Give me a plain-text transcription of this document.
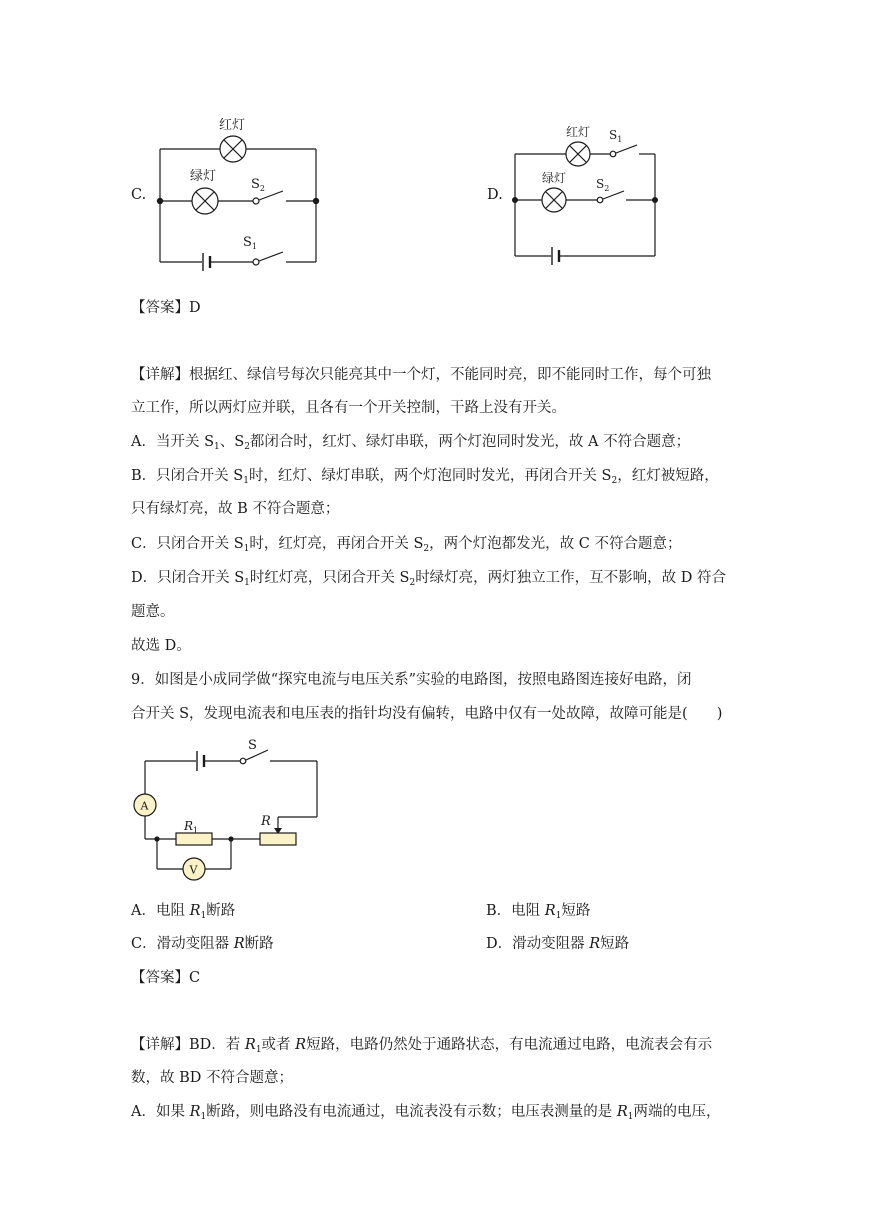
C.
红灯
绿灯
$S_2$
$S_1$
D.
红灯 $S_1$
绿灯 $S_2$
【答案】D
【详解】根据红、绿信号每次只能亮其中一个灯，不能同时亮，即不能同时工作，每个可独
立工作，所以两灯应并联，且各有一个开关控制，干路上没有开关。
A．当开关 $S_1$、$S_2$都闭合时，红灯、绿灯串联，两个灯泡同时发光，故 A 不符合题意；
B．只闭合开关 $S_1$时，红灯、绿灯串联，两个灯泡同时发光，再闭合开关 $S_2$，红灯被短路，
只有绿灯亮，故 B 不符合题意；
C．只闭合开关 $S_1$时，红灯亮，再闭合开关 $S_2$，两个灯泡都发光，故 C 不符合题意；
D．只闭合开关 $S_1$时红灯亮，只闭合开关 $S_2$时绿灯亮，两灯独立工作，互不影响，故 D 符合
题意。
故选 D。
9．如图是小成同学做“探究电流与电压关系”实验的电路图，按照电路图连接好电路，闭
合开关 S，发现电流表和电压表的指针均没有偏转，电路中仅有一处故障，故障可能是(　　)
S
R
A
$R_1$
V
A．电阻 $R_1$断路	B．电阻 $R_1$短路
C．滑动变阻器 R断路	D．滑动变阻器 R短路
【答案】C
【详解】BD．若 $R_1$或者 R短路，电路仍然处于通路状态，有电流通过电路，电流表会有示
数，故 BD 不符合题意；
A．如果 $R_1$断路，则电路没有电流通过，电流表没有示数；电压表测量的是 $R_1$两端的电压，
